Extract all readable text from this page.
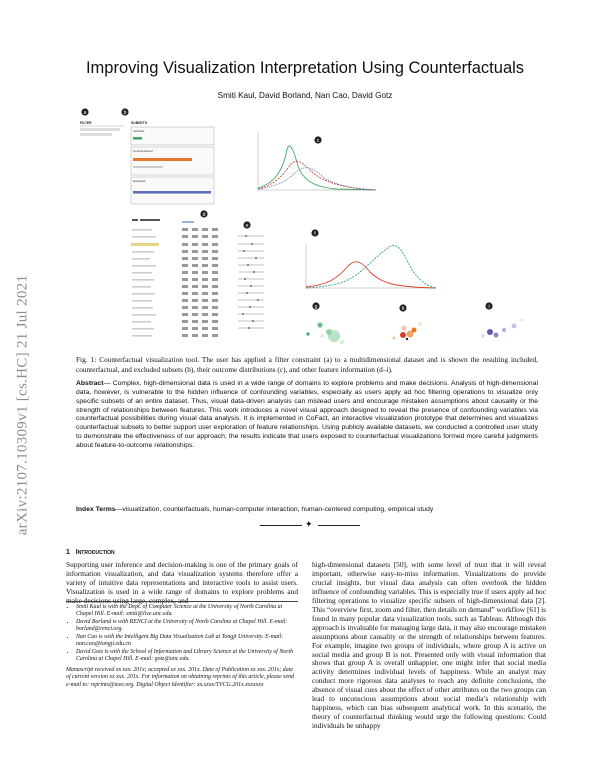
arXiv:2107.10309v1 [cs.HC] 21 Jul 2021
Improving Visualization Interpretation Using Counterfactuals
Smiti Kaul, David Borland, Nan Cao, David Gotz
a
FILTER
b
SUBSETS
Included
Counterfactual
Excluded
c
d
e
f
g	h	i
Fig. 1: Counterfactual visualization tool. The user has applied a filter constraint (a) to a multidimensional dataset and is shown the resulting included, counterfactual, and excluded subsets (b), their outcome distributions (c), and other feature information (d–i).
Abstract— Complex, high-dimensional data is used in a wide range of domains to explore problems and make decisions. Analysis of high-dimensional data, however, is vulnerable to the hidden influence of confounding variables, especially as users apply ad hoc filtering operations to visualize only specific subsets of an entire dataset. Thus, visual data-driven analysis can mislead users and encourage mistaken assumptions about causality or the strength of relationships between features. This work introduces a novel visual approach designed to reveal the presence of confounding variables via counterfactual possibilities during visual data analysis. It is implemented in CoFact, an interactive visualization prototype that determines and visualizes counterfactual subsets to better support user exploration of feature relationships. Using publicly available datasets, we conducted a controlled user study to demonstrate the effectiveness of our approach; the results indicate that users exposed to counterfactual visualizations formed more careful judgments about feature-to-outcome relationships.
Index Terms—visualization, counterfactuals, human-computer interaction, human-centered computing, empirical study
✦
1 Introduction
Supporting user inference and decision-making is one of the primary goals of information visualization, and data visualization systems therefore offer a variety of intuitive data representations and interactive tools to assist users. Visualization is used in a wide range of domains to explore problems and make decisions using large, complex, and
• Smiti Kaul is with the Dept. of Computer Science at the University of North Carolina at Chapel Hill. E-mail: smiti@live.unc.edu.
• David Borland is with RENCI at the University of North Carolina at Chapel Hill. E-mail: borland@renci.org.
• Nan Cao is with the Intelligent Big Data Visualization Lab at Tongji University. E-mail: nan.cao@tongji.edu.cn
• David Gotz is with the School of Information and Library Science at the University of North Carolina at Chapel Hill. E-mail: gotz@unc.edu.
Manuscript received xx xxx. 201x; accepted xx xxx. 201x. Date of Publication xx xxx. 201x; date of current version xx xxx. 201x. For information on obtaining reprints of this article, please send e-mail to: reprints@ieee.org. Digital Object Identifier: xx.xxxx/TVCG.201x.xxxxxxx
high-dimensional datasets [50], with some level of trust that it will reveal important, otherwise easy-to-miss information. Visualizations do provide crucial insights, but visual data analysis can often overlook the hidden influence of confounding variables. This is especially true if users apply ad hoc filtering operations to visualize specific subsets of high-dimensional data [2]. This “overview first, zoom and filter, then details on demand” workflow [61] is found in many popular data visualization tools, such as Tableau. Although this approach is invaluable for managing large data, it may also encourage mistaken assumptions about causality or the strength of relationships between features. For example, imagine two groups of individuals, where group A is active on social media and group B is not. Presented only with visual information that shows that group A is overall unhappier, one might infer that social media activity determines individual levels of happiness. While an analyst may conduct more rigorous data analyses to reach any definite conclusions, the absence of visual cues about the effect of other attributes on the two groups can lead to unconscious assumptions about social media’s relationship with happiness, which can bias subsequent analytical work. In this scenario, the theory of counterfactual thinking would urge the following questions: Could individuals be unhappy
